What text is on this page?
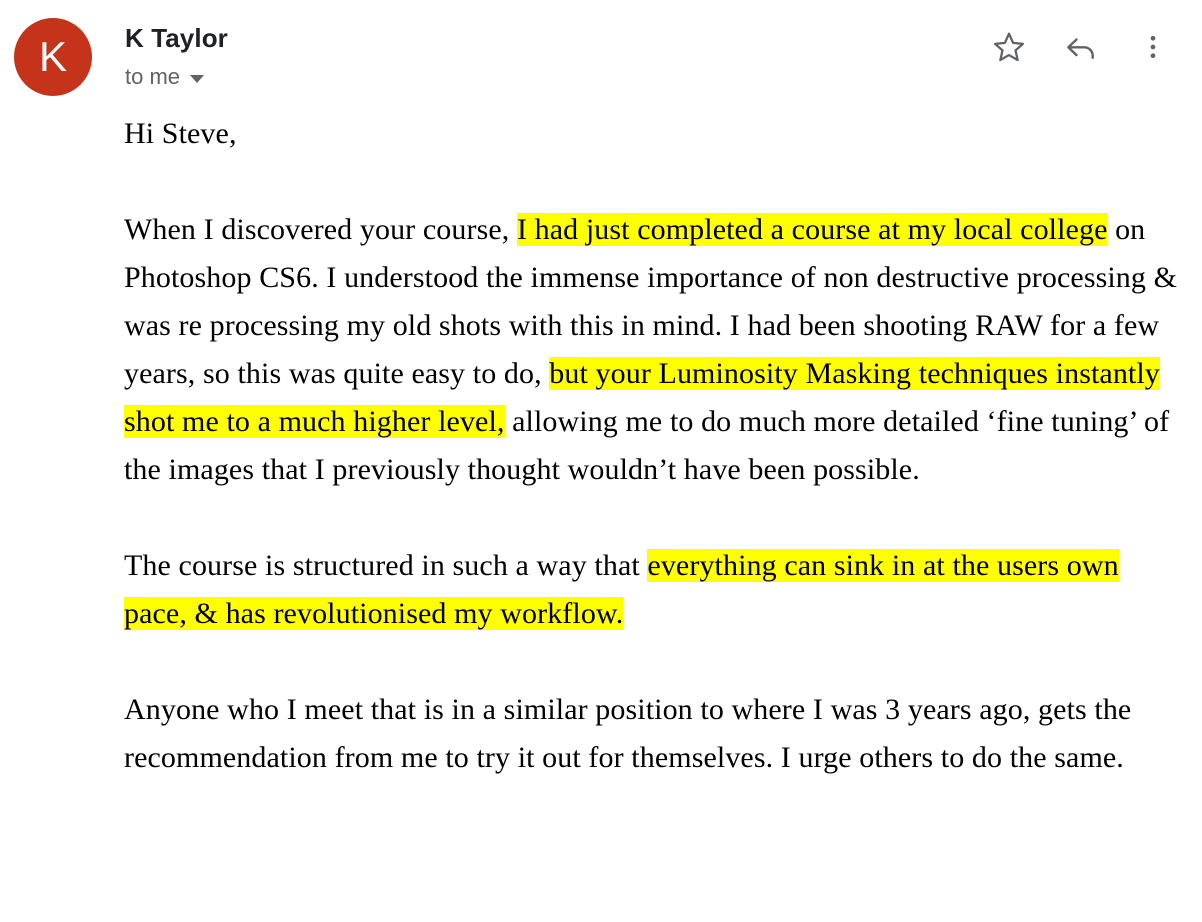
K	K Taylor
to me

Hi Steve,

When I discovered your course, I had just completed a course at my local college on Photoshop CS6. I understood the immense importance of non destructive processing & was re processing my old shots with this in mind. I had been shooting RAW for a few years, so this was quite easy to do, but your Luminosity Masking techniques instantly shot me to a much higher level, allowing me to do much more detailed ‘fine tuning’ of the images that I previously thought wouldn’t have been possible.

The course is structured in such a way that everything can sink in at the users own pace, & has revolutionised my workflow.

Anyone who I meet that is in a similar position to where I was 3 years ago, gets the recommendation from me to try it out for themselves. I urge others to do the same.
